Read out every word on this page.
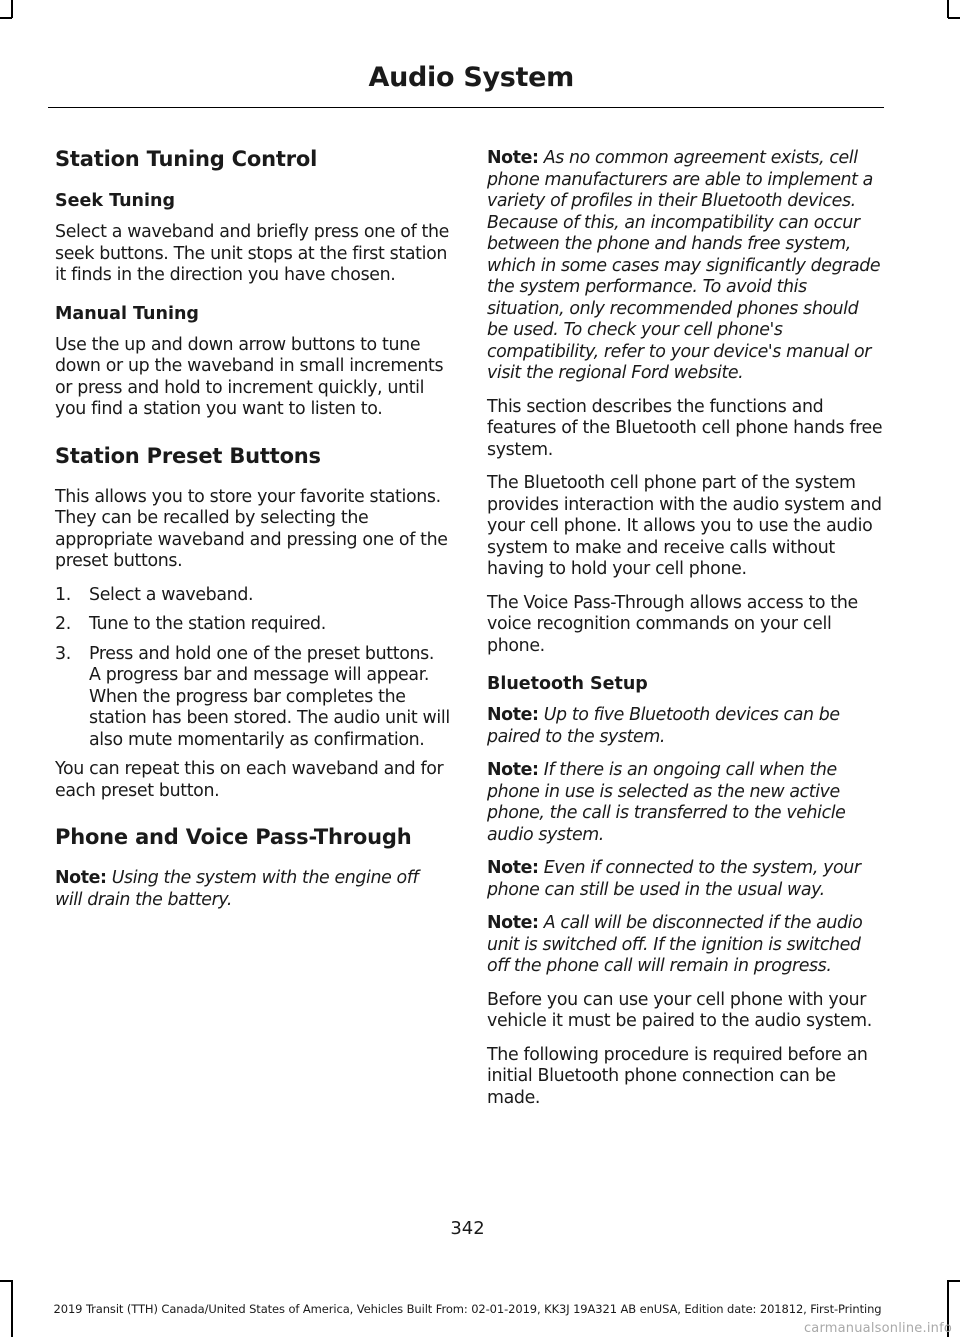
Audio System
Station Tuning Control
Seek Tuning

Select a waveband and briefly press one of the seek buttons. The unit stops at the first station it finds in the direction you have chosen.

Manual Tuning

Use the up and down arrow buttons to tune down or up the waveband in small increments or press and hold to increment quickly, until you find a station you want to listen to.

Station Preset Buttons

This allows you to store your favorite stations. They can be recalled by selecting the appropriate waveband and pressing one of the preset buttons.

1. Select a waveband.
2. Tune to the station required.
3. Press and hold one of the preset buttons. A progress bar and message will appear. When the progress bar completes the station has been stored. The audio unit will also mute momentarily as confirmation.

You can repeat this on each waveband and for each preset button.

Phone and Voice Pass-Through

Note: Using the system with the engine off will drain the battery.

Note: As no common agreement exists, cell phone manufacturers are able to implement a variety of profiles in their Bluetooth devices. Because of this, an incompatibility can occur between the phone and hands free system, which in some cases may significantly degrade the system performance. To avoid this situation, only recommended phones should be used. To check your cell phone's compatibility, refer to your device's manual or visit the regional Ford website.

This section describes the functions and features of the Bluetooth cell phone hands free system.

The Bluetooth cell phone part of the system provides interaction with the audio system and your cell phone. It allows you to use the audio system to make and receive calls without having to hold your cell phone.

The Voice Pass-Through allows access to the voice recognition commands on your cell phone.

Bluetooth Setup

Note: Up to five Bluetooth devices can be paired to the system.

Note: If there is an ongoing call when the phone in use is selected as the new active phone, the call is transferred to the vehicle audio system.

Note: Even if connected to the system, your phone can still be used in the usual way.

Note: A call will be disconnected if the audio unit is switched off. If the ignition is switched off the phone call will remain in progress.

Before you can use your cell phone with your vehicle it must be paired to the audio system.

The following procedure is required before an initial Bluetooth phone connection can be made.

342

2019 Transit (TTH) Canada/United States of America, Vehicles Built From: 02-01-2019, KK3J 19A321 AB enUSA, Edition date: 201812, First-Printing

carmanualsonline.info
